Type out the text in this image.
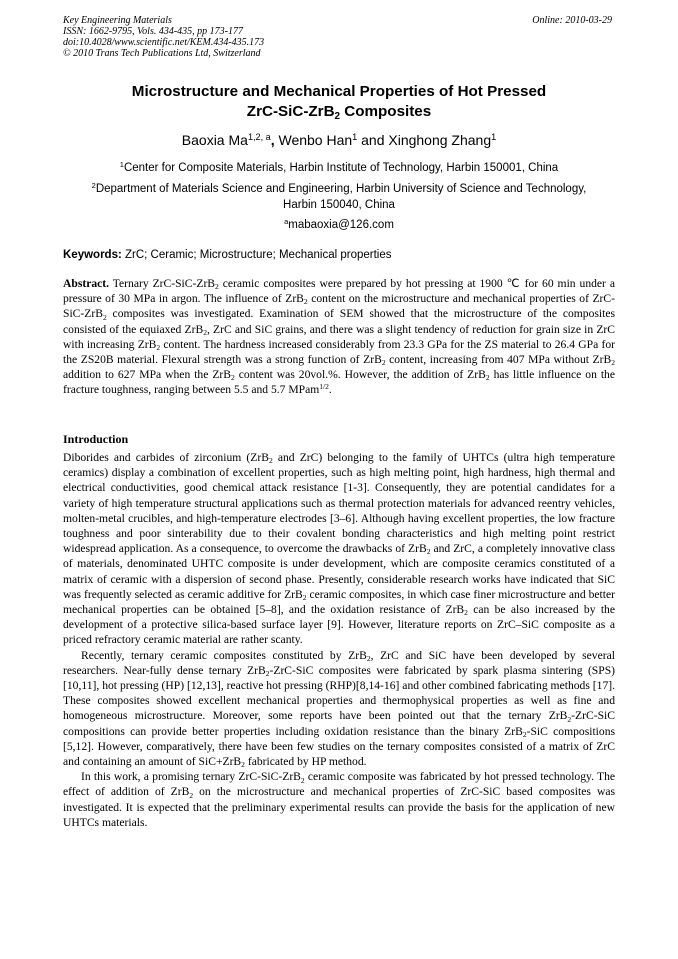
Key Engineering Materials
ISSN: 1662-9795, Vols. 434-435, pp 173-177
doi:10.4028/www.scientific.net/KEM.434-435.173
© 2010 Trans Tech Publications Ltd, Switzerland
Online: 2010-03-29
Microstructure and Mechanical Properties of Hot Pressed
ZrC-SiC-ZrB$_2$ Composites
Baoxia Ma$^{1,2, a}$, Wenbo Han$^1$ and Xinghong Zhang$^1$
$^1$Center for Composite Materials, Harbin Institute of Technology, Harbin 150001, China
$^2$Department of Materials Science and Engineering, Harbin University of Science and Technology,
Harbin 150040, China
$^a$mabaoxia@126.com
Keywords: ZrC; Ceramic; Microstructure; Mechanical properties
Abstract. Ternary ZrC-SiC-ZrB$_2$ ceramic composites were prepared by hot pressing at 1900 ℃ for 60 min under a pressure of 30 MPa in argon. The influence of ZrB$_2$ content on the microstructure and mechanical properties of ZrC-SiC-ZrB$_2$ composites was investigated. Examination of SEM showed that the microstructure of the composites consisted of the equiaxed ZrB$_2$, ZrC and SiC grains, and there was a slight tendency of reduction for grain size in ZrC with increasing ZrB$_2$ content. The hardness increased considerably from 23.3 GPa for the ZS material to 26.4 GPa for the ZS20B material. Flexural strength was a strong function of ZrB$_2$ content, increasing from 407 MPa without ZrB$_2$ addition to 627 MPa when the ZrB$_2$ content was 20vol.%. However, the addition of ZrB$_2$ has little influence on the fracture toughness, ranging between 5.5 and 5.7 MPam$^{1/2}$.
Introduction

Diborides and carbides of zirconium (ZrB$_2$ and ZrC) belonging to the family of UHTCs (ultra high temperature ceramics) display a combination of excellent properties, such as high melting point, high hardness, high thermal and electrical conductivities, good chemical attack resistance [1-3]. Consequently, they are potential candidates for a variety of high temperature structural applications such as thermal protection materials for advanced reentry vehicles, molten-metal crucibles, and high-temperature electrodes [3–6]. Although having excellent properties, the low fracture toughness and poor sinterability due to their covalent bonding characteristics and high melting point restrict widespread application. As a consequence, to overcome the drawbacks of ZrB$_2$ and ZrC, a completely innovative class of materials, denominated UHTC composite is under development, which are composite ceramics constituted of a matrix of ceramic with a dispersion of second phase. Presently, considerable research works have indicated that SiC was frequently selected as ceramic additive for ZrB$_2$ ceramic composites, in which case finer microstructure and better mechanical properties can be obtained [5–8], and the oxidation resistance of ZrB$_2$ can be also increased by the development of a protective silica-based surface layer [9]. However, literature reports on ZrC–SiC composite as a priced refractory ceramic material are rather scanty.

Recently, ternary ceramic composites constituted by ZrB$_2$, ZrC and SiC have been developed by several researchers. Near-fully dense ternary ZrB$_2$-ZrC-SiC composites were fabricated by spark plasma sintering (SPS) [10,11], hot pressing (HP) [12,13], reactive hot pressing (RHP)[8,14-16] and other combined fabricating methods [17]. These composites showed excellent mechanical properties and thermophysical properties as well as fine and homogeneous microstructure. Moreover, some reports have been pointed out that the ternary ZrB$_2$-ZrC-SiC compositions can provide better properties including oxidation resistance than the binary ZrB$_2$-SiC compositions [5,12]. However, comparatively, there have been few studies on the ternary composites consisted of a matrix of ZrC and containing an amount of SiC+ZrB$_2$ fabricated by HP method.

In this work, a promising ternary ZrC-SiC-ZrB$_2$ ceramic composite was fabricated by hot pressed technology. The effect of addition of ZrB$_2$ on the microstructure and mechanical properties of ZrC-SiC based composites was investigated. It is expected that the preliminary experimental results can provide the basis for the application of new UHTCs materials.
